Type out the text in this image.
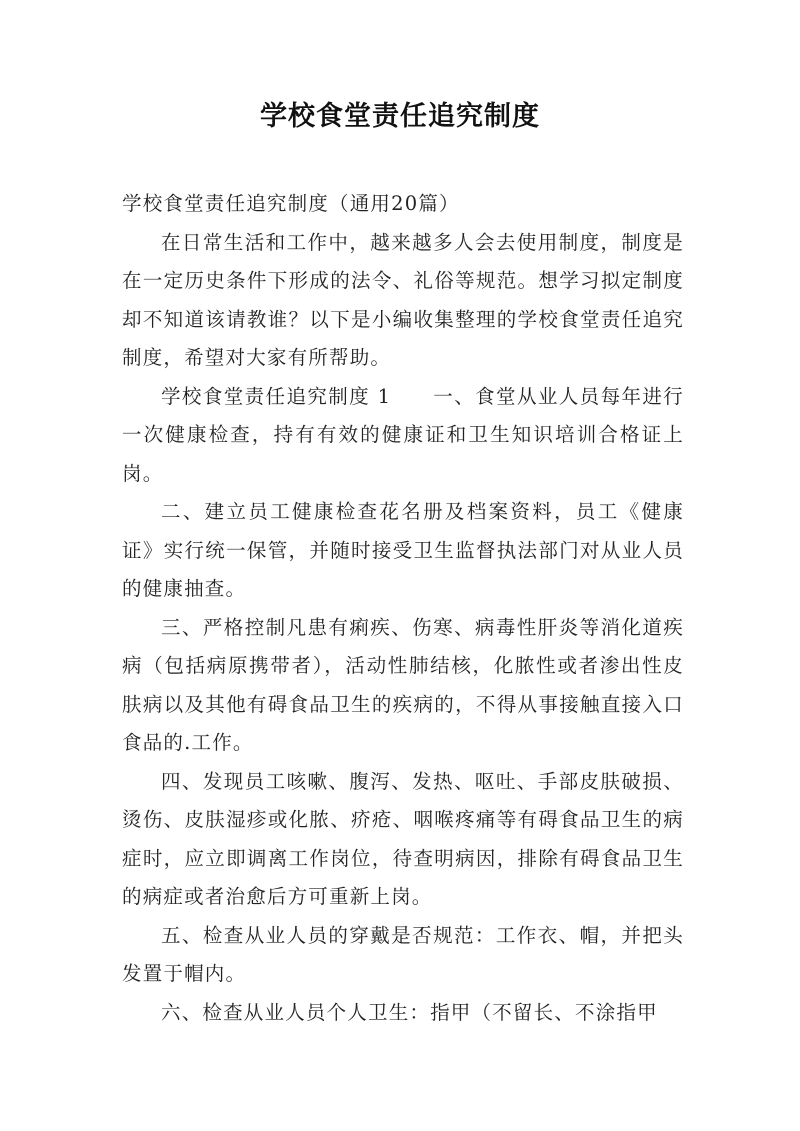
学校食堂责任追究制度

学校食堂责任追究制度（通用20篇）

在日常生活和工作中，越来越多人会去使用制度，制度是在一定历史条件下形成的法令、礼俗等规范。想学习拟定制度却不知道该请教谁？以下是小编收集整理的学校食堂责任追究制度，希望对大家有所帮助。

学校食堂责任追究制度 1　　一、食堂从业人员每年进行一次健康检查，持有有效的健康证和卫生知识培训合格证上岗。

二、建立员工健康检查花名册及档案资料，员工《健康证》实行统一保管，并随时接受卫生监督执法部门对从业人员的健康抽查。

三、严格控制凡患有痢疾、伤寒、病毒性肝炎等消化道疾病（包括病原携带者），活动性肺结核，化脓性或者渗出性皮肤病以及其他有碍食品卫生的疾病的，不得从事接触直接入口食品的.工作。

四、发现员工咳嗽、腹泻、发热、呕吐、手部皮肤破损、烫伤、皮肤湿疹或化脓、疥疮、咽喉疼痛等有碍食品卫生的病症时，应立即调离工作岗位，待查明病因，排除有碍食品卫生的病症或者治愈后方可重新上岗。

五、检查从业人员的穿戴是否规范：工作衣、帽，并把头发置于帽内。

六、检查从业人员个人卫生：指甲（不留长、不涂指甲
